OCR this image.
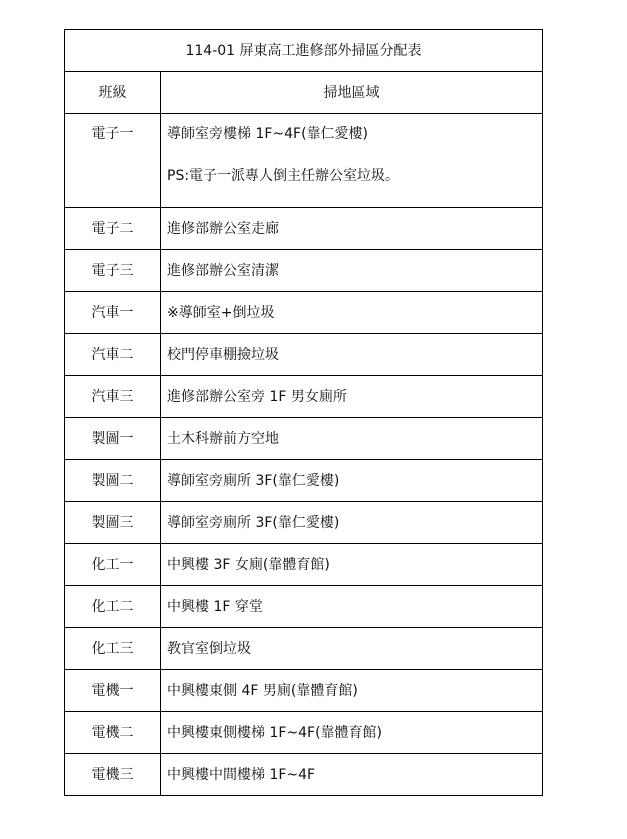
114-01 屏東高工進修部外掃區分配表	
班級	掃地區域
電子一	導師室旁樓梯 1F~4F(靠仁愛樓)
PS:電子一派專人倒主任辦公室垃圾。

電子二	進修部辦公室走廊
電子三	進修部辦公室清潔
汽車一	※導師室+倒垃圾
汽車二	校門停車棚撿垃圾
汽車三	進修部辦公室旁 1F 男女廁所
製圖一	土木科辦前方空地
製圖二	導師室旁廁所 3F(靠仁愛樓)
製圖三	導師室旁廁所 3F(靠仁愛樓)
化工一	中興樓 3F 女廁(靠體育館)
化工二	中興樓 1F 穿堂
化工三	教官室倒垃圾
電機一	中興樓東側 4F 男廁(靠體育館)
電機二	中興樓東側樓梯 1F~4F(靠體育館)
電機三	中興樓中間樓梯 1F~4F
